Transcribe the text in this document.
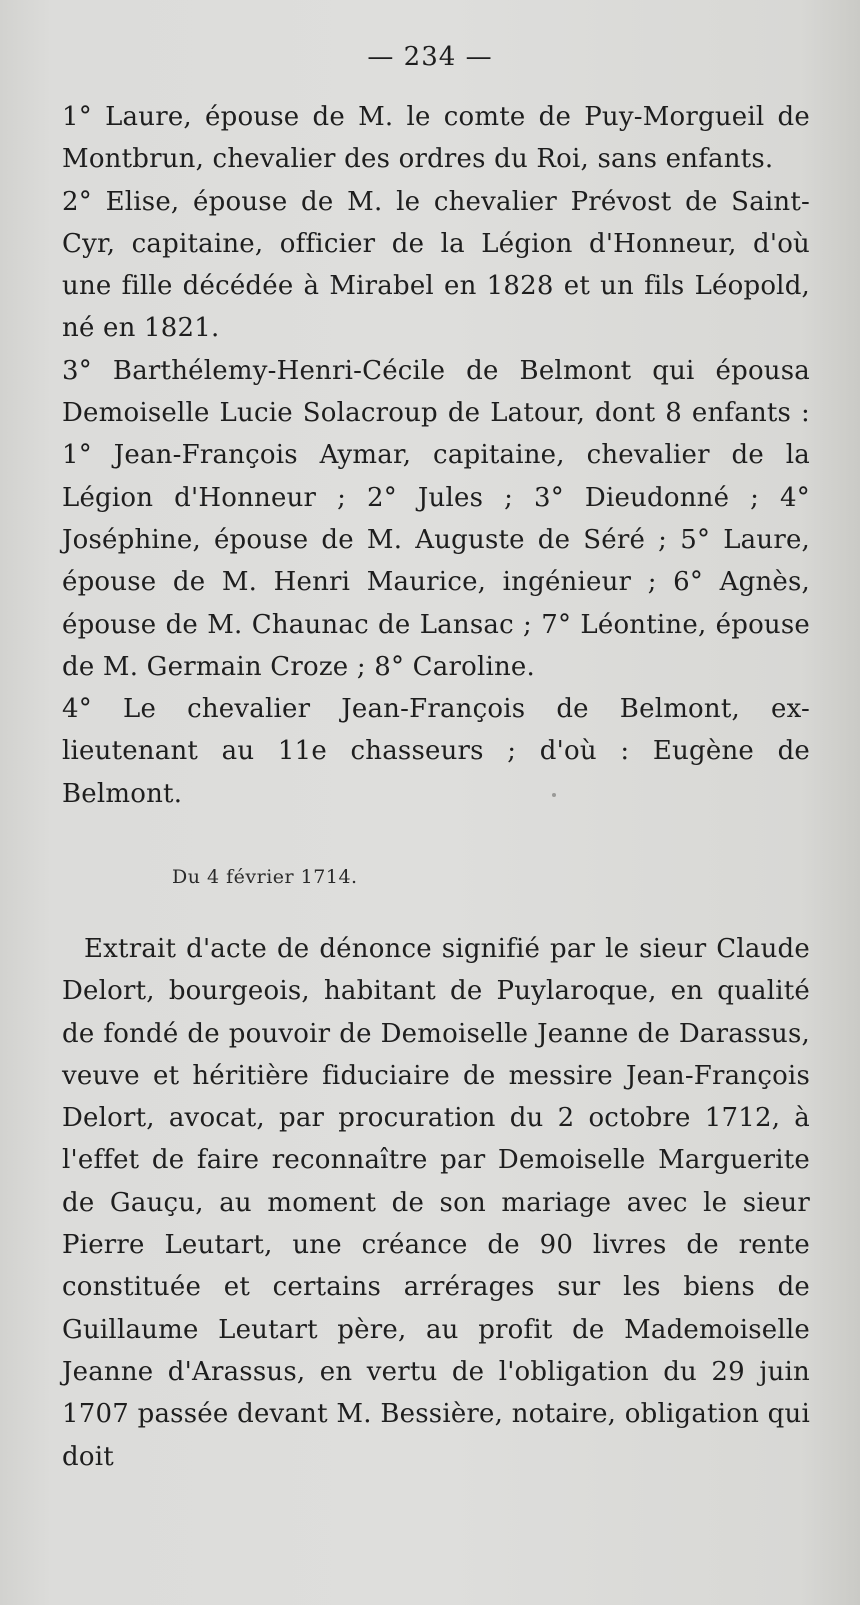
— 234 —

1° Laure, épouse de M. le comte de Puy-Morgueil de Montbrun, chevalier des ordres du Roi, sans enfants.

2° Elise, épouse de M. le chevalier Prévost de Saint-Cyr, capitaine, officier de la Légion d'Honneur, d'où une fille décédée à Mirabel en 1828 et un fils Léopold, né en 1821.

3° Barthélemy-Henri-Cécile de Belmont qui épousa Demoiselle Lucie Solacroup de Latour, dont 8 enfants : 1° Jean-François Aymar, capitaine, chevalier de la Légion d'Honneur ; 2° Jules ; 3° Dieudonné ; 4° Joséphine, épouse de M. Auguste de Séré ; 5° Laure, épouse de M. Henri Maurice, ingénieur ; 6° Agnès, épouse de M. Chaunac de Lansac ; 7° Léontine, épouse de M. Germain Croze ; 8° Caroline.

4° Le chevalier Jean-François de Belmont, ex-lieutenant au 11e chasseurs ; d'où : Eugène de Belmont.

Du 4 février 1714.

Extrait d'acte de dénonce signifié par le sieur Claude Delort, bourgeois, habitant de Puylaroque, en qualité de fondé de pouvoir de Demoiselle Jeanne de Darassus, veuve et héritière fiduciaire de messire Jean-François Delort, avocat, par procuration du 2 octobre 1712, à l'effet de faire reconnaître par Demoiselle Marguerite de Gauçu, au moment de son mariage avec le sieur Pierre Leutart, une créance de 90 livres de rente constituée et certains arrérages sur les biens de Guillaume Leutart père, au profit de Mademoiselle Jeanne d'Arassus, en vertu de l'obligation du 29 juin 1707 passée devant M. Bessière, notaire, obligation qui doit
